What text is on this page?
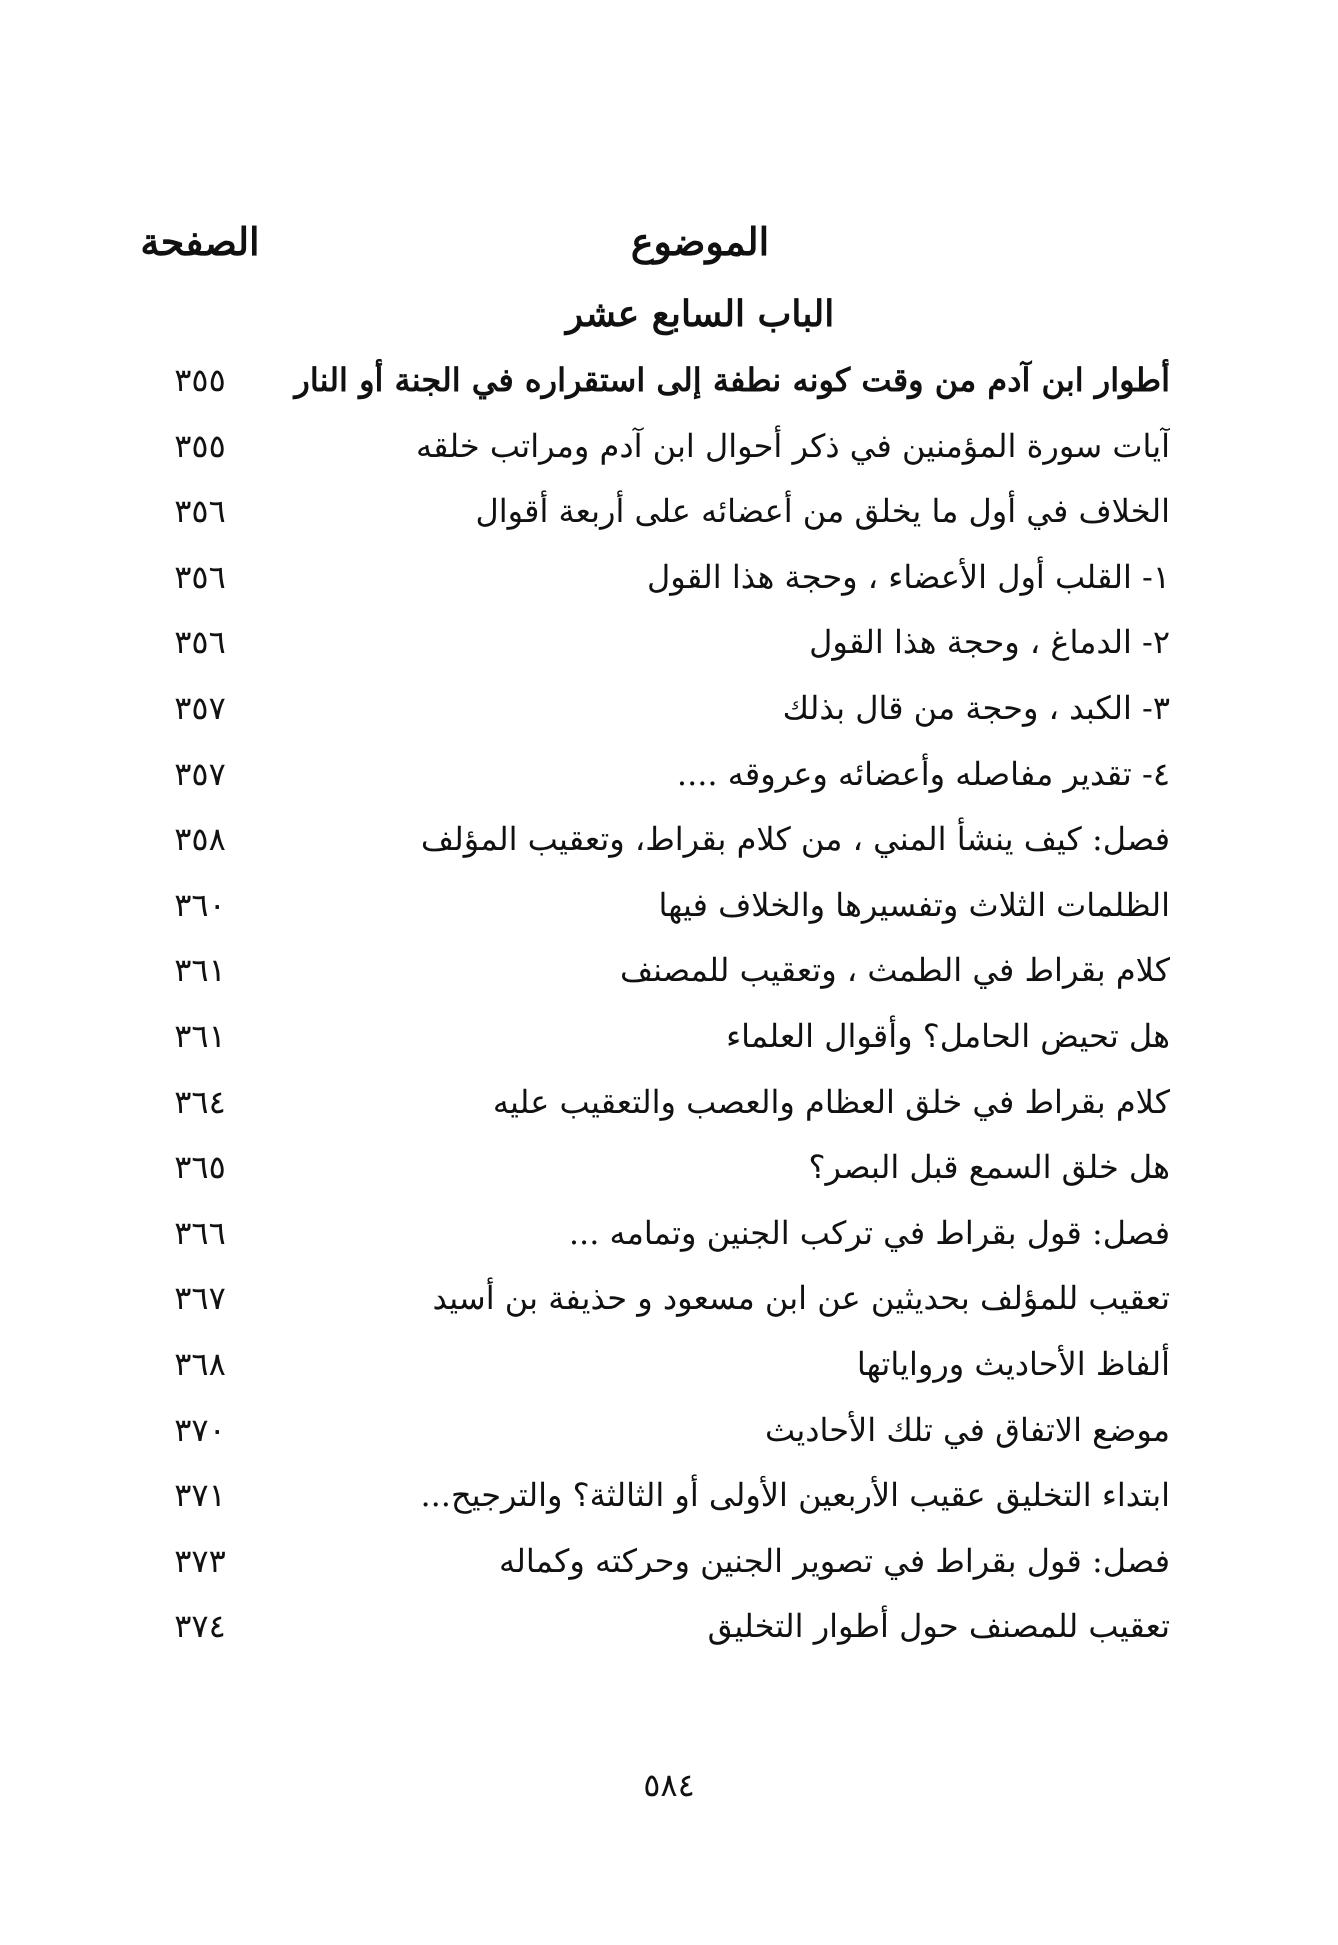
الموضوع
الصفحة
الباب السابع عشر
أطوار ابن آدم من وقت كونه نطفة إلى استقراره في الجنة أو النار
٣٥٥
آيات سورة المؤمنين في ذكر أحوال ابن آدم ومراتب خلقه
٣٥٥
الخلاف في أول ما يخلق من أعضائه على أربعة أقوال
٣٥٦
١- القلب أول الأعضاء ، وحجة هذا القول
٣٥٦
٢- الدماغ ، وحجة هذا القول
٣٥٦
٣- الكبد ، وحجة من قال بذلك
٣٥٧
٤- تقدير مفاصله وأعضائه وعروقه ....
٣٥٧
فصل: كيف ينشأ المني ، من كلام بقراط، وتعقيب المؤلف
٣٥٨
الظلمات الثلاث وتفسيرها والخلاف فيها
٣٦٠
كلام بقراط في الطمث ، وتعقيب للمصنف
٣٦١
هل تحيض الحامل؟ وأقوال العلماء
٣٦١
كلام بقراط في خلق العظام والعصب والتعقيب عليه
٣٦٤
هل خلق السمع قبل البصر؟
٣٦٥
فصل: قول بقراط في تركب الجنين وتمامه ...
٣٦٦
تعقيب للمؤلف بحديثين عن ابن مسعود و حذيفة بن أسيد
٣٦٧
ألفاظ الأحاديث ورواياتها
٣٦٨
موضع الاتفاق في تلك الأحاديث
٣٧٠
ابتداء التخليق عقيب الأربعين الأولى أو الثالثة؟ والترجيح...
٣٧١
فصل: قول بقراط في تصوير الجنين وحركته وكماله
٣٧٣
تعقيب للمصنف حول أطوار التخليق
٣٧٤
٥٨٤
